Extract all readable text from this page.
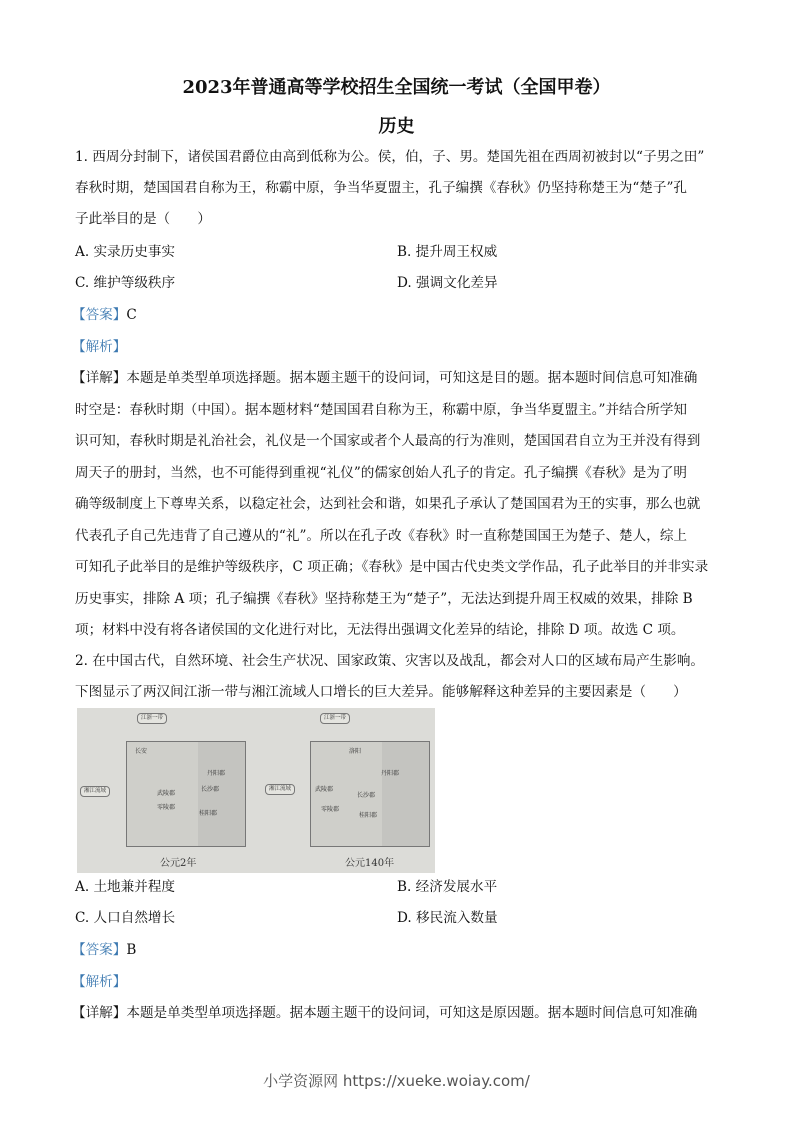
2023年普通高等学校招生全国统一考试（全国甲卷）
历史
1. 西周分封制下，诸侯国君爵位由高到低称为公。侯，伯，子、男。楚国先祖在西周初被封以“子男之田”
春秋时期，楚国国君自称为王，称霸中原，争当华夏盟主，孔子编撰《春秋》仍坚持称楚王为“楚子”孔
子此举目的是（　　）
A. 实录历史事实	B. 提升周王权威
C. 维护等级秩序	D. 强调文化差异
【答案】C
【解析】
【详解】本题是单类型单项选择题。据本题主题干的设问词，可知这是目的题。据本题时间信息可知准确
时空是：春秋时期（中国）。据本题材料“楚国国君自称为王，称霸中原，争当华夏盟主。”并结合所学知
识可知，春秋时期是礼治社会，礼仪是一个国家或者个人最高的行为准则，楚国国君自立为王并没有得到
周天子的册封，当然，也不可能得到重视“礼仪”的儒家创始人孔子的肯定。孔子编撰《春秋》是为了明
确等级制度上下尊卑关系，以稳定社会，达到社会和谐，如果孔子承认了楚国国君为王的实事，那么也就
代表孔子自己先违背了自己遵从的“礼”。所以在孔子改《春秋》时一直称楚国国王为楚子、楚人，综上
可知孔子此举目的是维护等级秩序，C 项正确；《春秋》是中国古代史类文学作品，孔子此举目的并非实录
历史事实，排除 A 项；孔子编撰《春秋》坚持称楚王为“楚子”，无法达到提升周王权威的效果，排除 B
项；材料中没有将各诸侯国的文化进行对比，无法得出强调文化差异的结论，排除 D 项。故选 C 项。
2. 在中国古代，自然环境、社会生产状况、国家政策、灾害以及战乱，都会对人口的区域布局产生影响。
下图显示了两汉间江浙一带与湘江流域人口增长的巨大差异。能够解释这种差异的主要因素是（　　）
长安
武陵郡
长沙郡
零陵郡
桂阳郡
丹阳郡
江浙一带
湘江流域
公元2年
洛阳
武陵郡
长沙郡
零陵郡
桂阳郡
丹阳郡
江浙一带
湘江流域
公元140年
A. 土地兼并程度	B. 经济发展水平
C. 人口自然增长	D. 移民流入数量
【答案】B
【解析】
【详解】本题是单类型单项选择题。据本题主题干的设问词，可知这是原因题。据本题时间信息可知准确
小学资源网 https://xueke.woiay.com/
